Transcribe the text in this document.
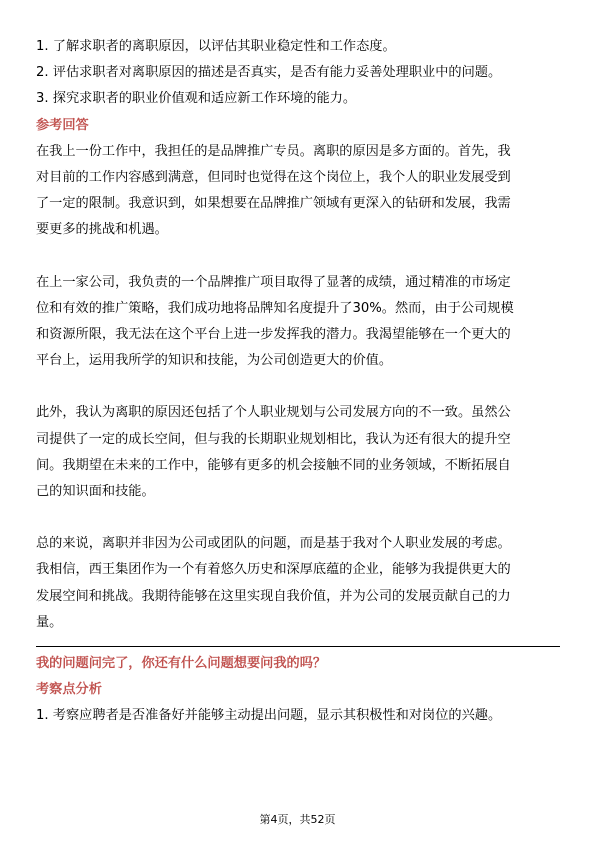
1. 了解求职者的离职原因，以评估其职业稳定性和工作态度。
2. 评估求职者对离职原因的描述是否真实，是否有能力妥善处理职业中的问题。
3. 探究求职者的职业价值观和适应新工作环境的能力。
参考回答
在我上一份工作中，我担任的是品牌推广专员。离职的原因是多方面的。首先，我
对目前的工作内容感到满意，但同时也觉得在这个岗位上，我个人的职业发展受到
了一定的限制。我意识到，如果想要在品牌推广领域有更深入的钻研和发展，我需
要更多的挑战和机遇。
在上一家公司，我负责的一个品牌推广项目取得了显著的成绩，通过精准的市场定
位和有效的推广策略，我们成功地将品牌知名度提升了30%。然而，由于公司规模
和资源所限，我无法在这个平台上进一步发挥我的潜力。我渴望能够在一个更大的
平台上，运用我所学的知识和技能，为公司创造更大的价值。
此外，我认为离职的原因还包括了个人职业规划与公司发展方向的不一致。虽然公
司提供了一定的成长空间，但与我的长期职业规划相比，我认为还有很大的提升空
间。我期望在未来的工作中，能够有更多的机会接触不同的业务领域，不断拓展自
己的知识面和技能。
总的来说，离职并非因为公司或团队的问题，而是基于我对个人职业发展的考虑。
我相信，西王集团作为一个有着悠久历史和深厚底蕴的企业，能够为我提供更大的
发展空间和挑战。我期待能够在这里实现自我价值，并为公司的发展贡献自己的力
量。
我的问题问完了，你还有什么问题想要问我的吗？
考察点分析
1. 考察应聘者是否准备好并能够主动提出问题，显示其积极性和对岗位的兴趣。
第4页，共52页
